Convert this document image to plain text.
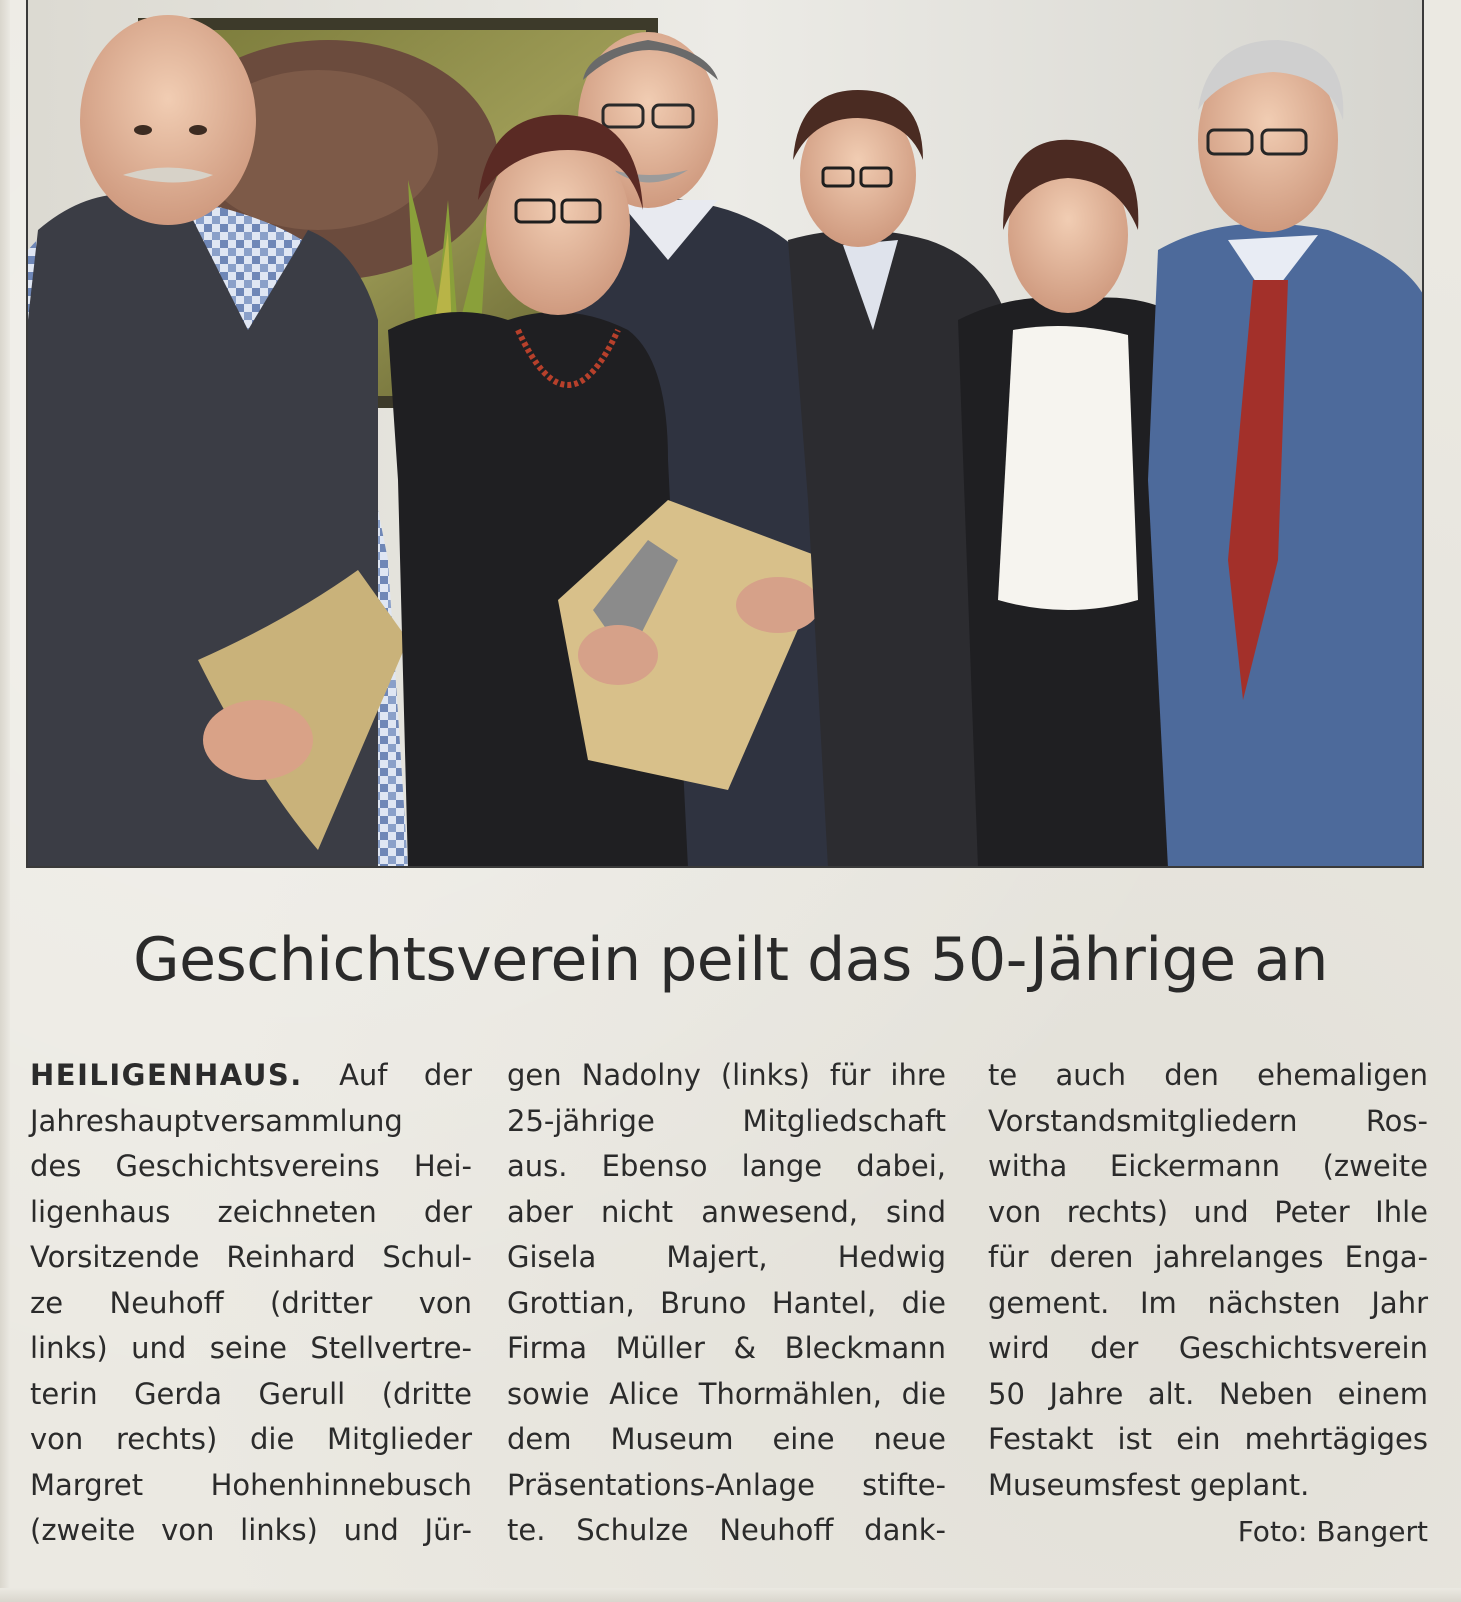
Geschichtsverein peilt das 50-Jährige an
HEILIGENHAUS. Auf der
Jahreshauptversammlung
des Geschichtsvereins Hei-
ligenhaus zeichneten der
Vorsitzende Reinhard Schul-
ze Neuhoff (dritter von
links) und seine Stellvertre-
terin Gerda Gerull (dritte
von rechts) die Mitglieder
Margret Hohenhinnebusch
(zweite von links) und Jür-
gen Nadolny (links) für ihre
25-jährige Mitgliedschaft
aus. Ebenso lange dabei,
aber nicht anwesend, sind
Gisela Majert, Hedwig
Grottian, Bruno Hantel, die
Firma Müller & Bleckmann
sowie Alice Thormählen, die
dem Museum eine neue
Präsentations-Anlage stifte-
te. Schulze Neuhoff dank-
te auch den ehemaligen
Vorstandsmitgliedern Ros-
witha Eickermann (zweite
von rechts) und Peter Ihle
für deren jahrelanges Enga-
gement. Im nächsten Jahr
wird der Geschichtsverein
50 Jahre alt. Neben einem
Festakt ist ein mehrtägiges
Museumsfest geplant.
Foto: Bangert
